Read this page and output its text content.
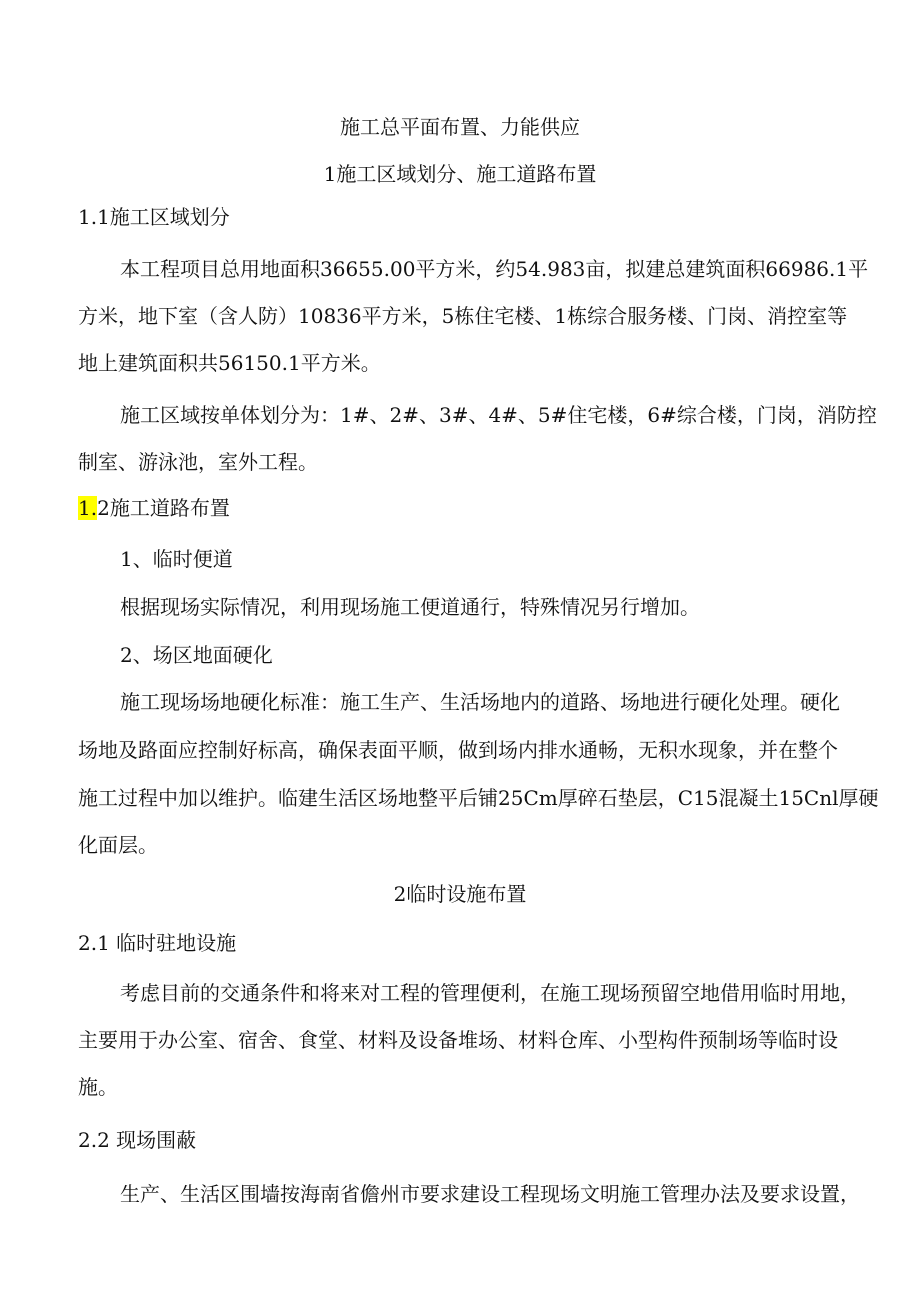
施工总平面布置、力能供应
1施工区域划分、施工道路布置
1.1施工区域划分
本工程项目总用地面积36655.00平方米，约54.983亩，拟建总建筑面积66986.1平
方米，地下室（含人防）10836平方米，5栋住宅楼、1栋综合服务楼、门岗、消控室等
地上建筑面积共56150.1平方米。
施工区域按单体划分为：1#、2#、3#、4#、5#住宅楼，6#综合楼，门岗，消防控
制室、游泳池，室外工程。
1.2施工道路布置
1、临时便道
根据现场实际情况，利用现场施工便道通行，特殊情况另行增加。
2、场区地面硬化
施工现场场地硬化标准：施工生产、生活场地内的道路、场地进行硬化处理。硬化
场地及路面应控制好标高，确保表面平顺，做到场内排水通畅，无积水现象，并在整个
施工过程中加以维护。临建生活区场地整平后铺25Cm厚碎石垫层，C15混凝土15Cnl厚硬
化面层。
2临时设施布置
2.1 临时驻地设施
考虑目前的交通条件和将来对工程的管理便利，在施工现场预留空地借用临时用地，
主要用于办公室、宿舍、食堂、材料及设备堆场、材料仓库、小型构件预制场等临时设
施。
2.2 现场围蔽
生产、生活区围墙按海南省儋州市要求建设工程现场文明施工管理办法及要求设置，
